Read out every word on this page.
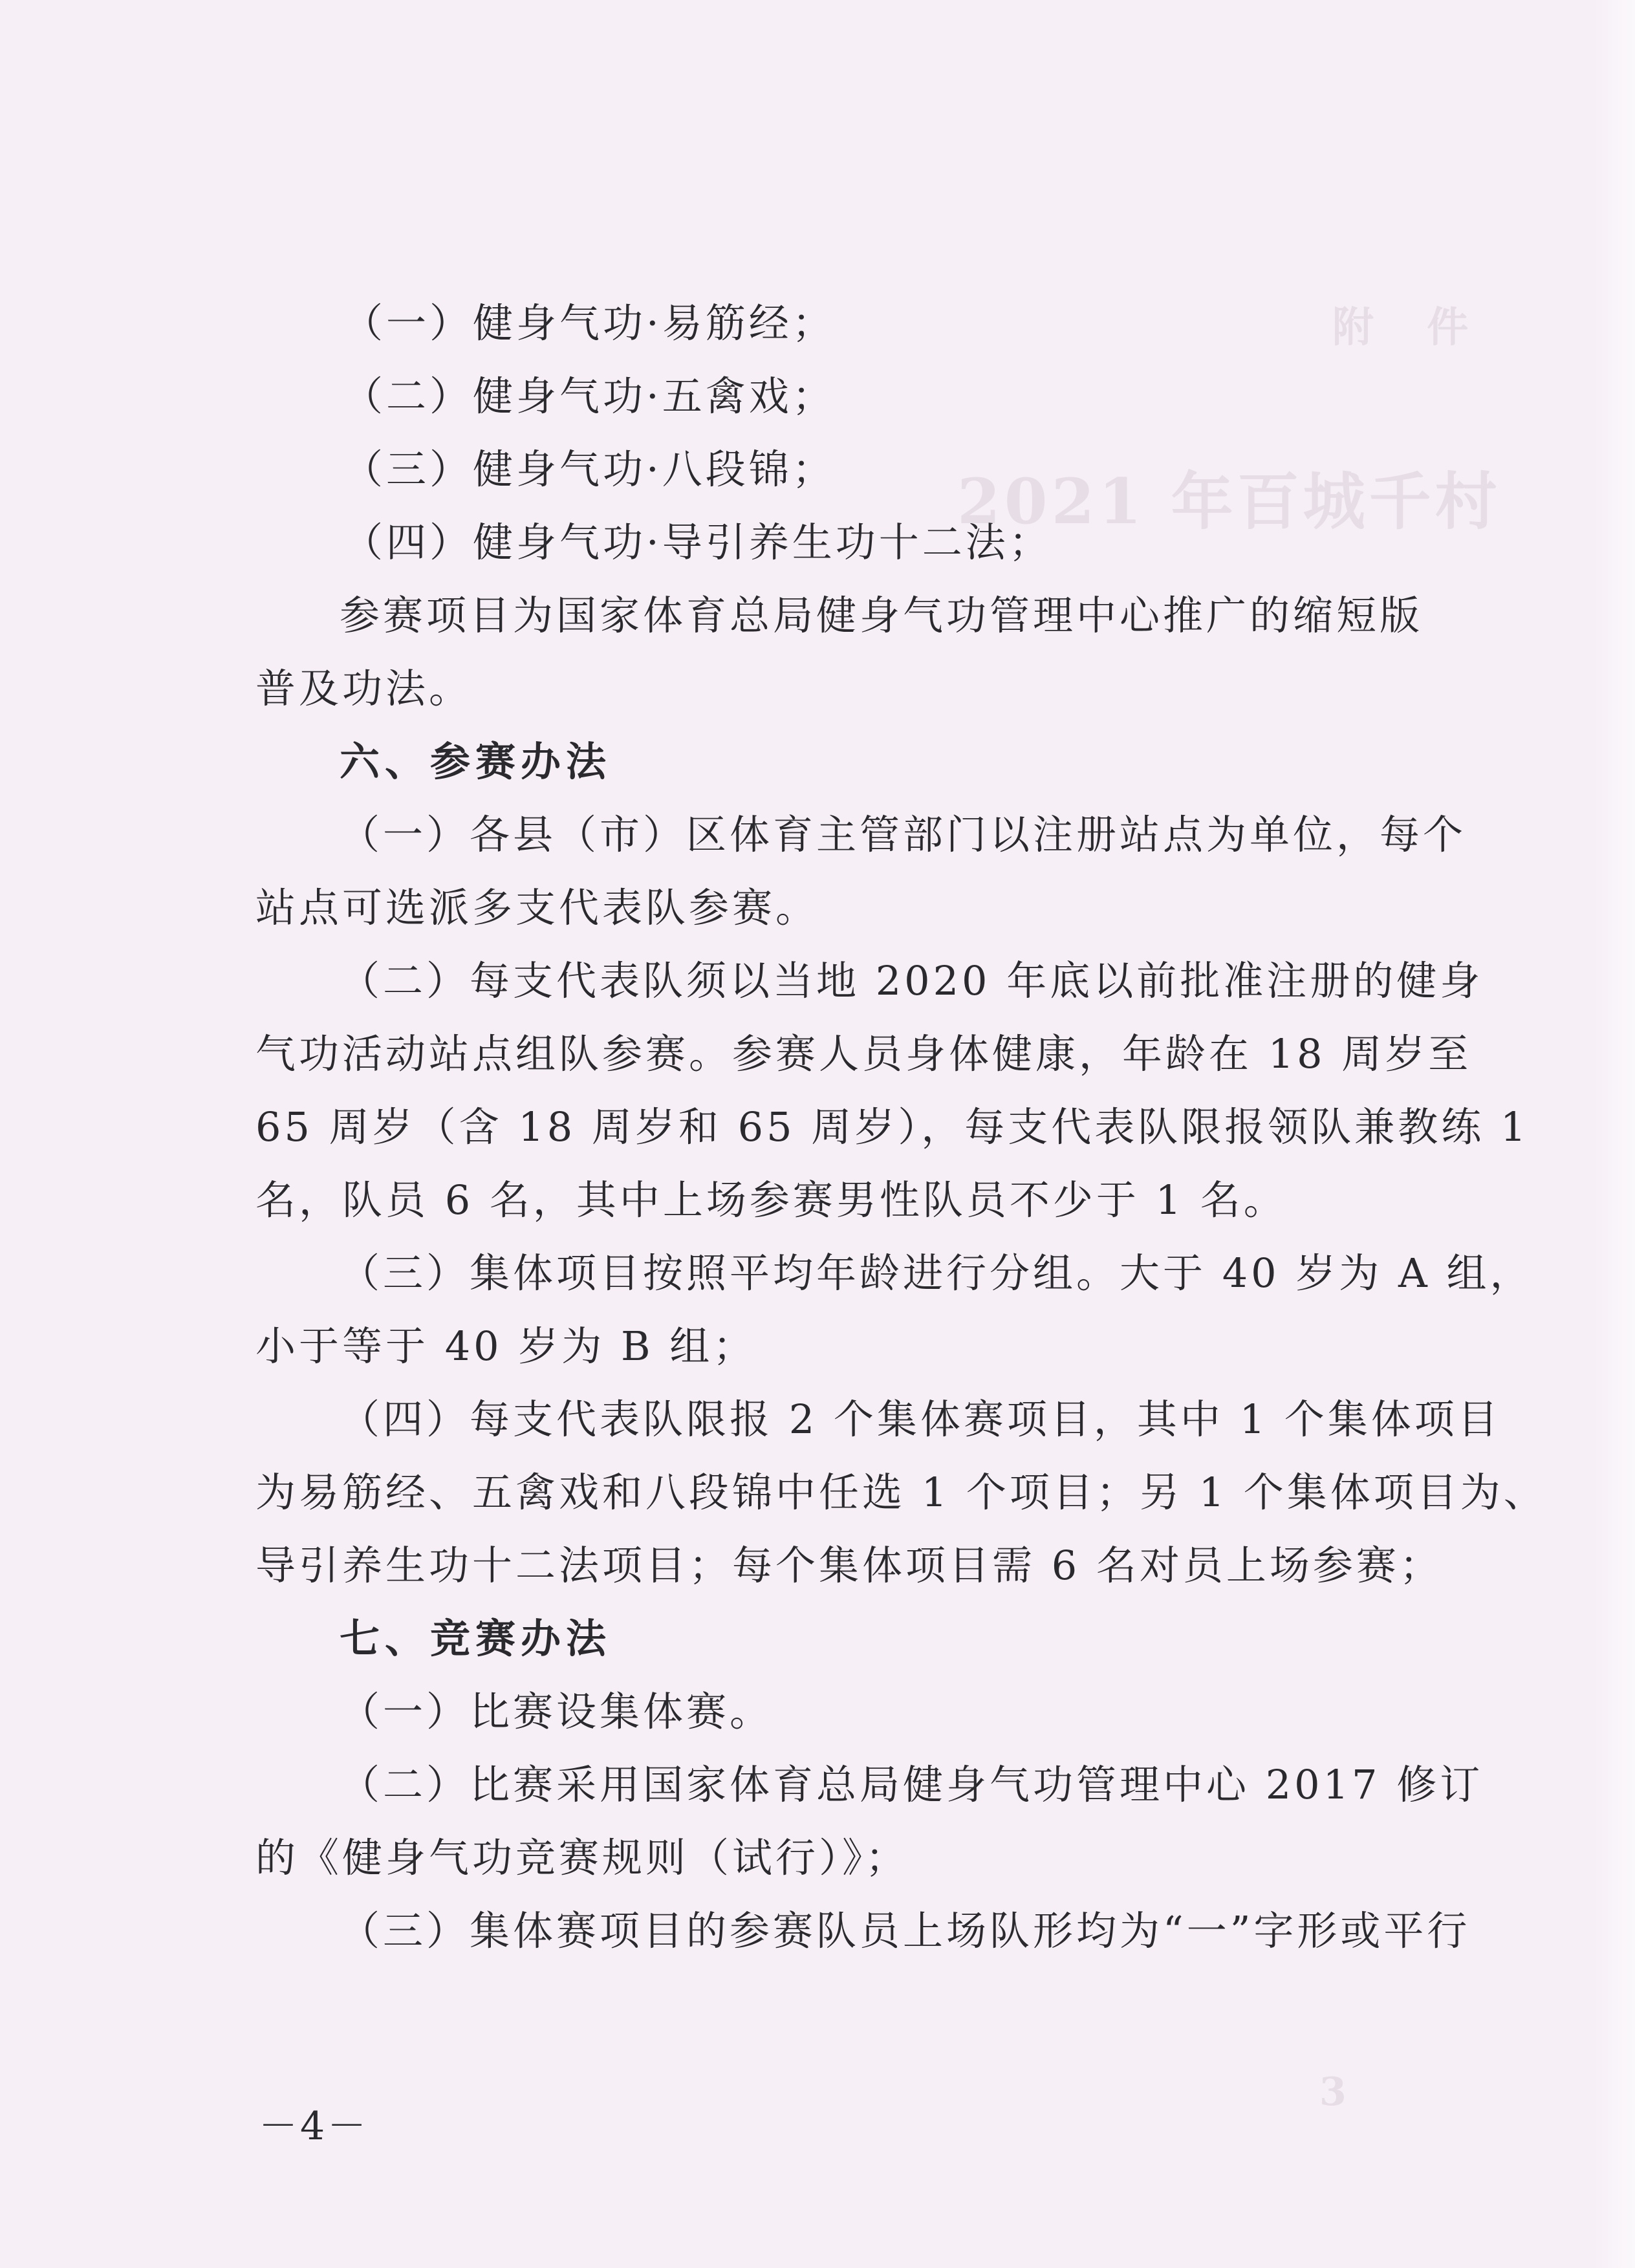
附 件
2021 年百城千村
3
（一）健身气功·易筋经；
（二）健身气功·五禽戏；
（三）健身气功·八段锦；
（四）健身气功·导引养生功十二法；
参赛项目为国家体育总局健身气功管理中心推广的缩短版
普及功法。
六、参赛办法
（一）各县（市）区体育主管部门以注册站点为单位，每个
站点可选派多支代表队参赛。
（二）每支代表队须以当地 2020 年底以前批准注册的健身
气功活动站点组队参赛。参赛人员身体健康，年龄在 18 周岁至
65 周岁（含 18 周岁和 65 周岁），每支代表队限报领队兼教练 1
名，队员 6 名，其中上场参赛男性队员不少于 1 名。
（三）集体项目按照平均年龄进行分组。大于 40 岁为 A 组，
小于等于 40 岁为 B 组；
（四）每支代表队限报 2 个集体赛项目，其中 1 个集体项目
为易筋经、五禽戏和八段锦中任选 1 个项目；另 1 个集体项目为、
导引养生功十二法项目；每个集体项目需 6 名对员上场参赛；
七、竞赛办法
（一）比赛设集体赛。
（二）比赛采用国家体育总局健身气功管理中心 2017 修订
的《健身气功竞赛规则（试行）》；
（三）集体赛项目的参赛队员上场队形均为“一”字形或平行
－4－
